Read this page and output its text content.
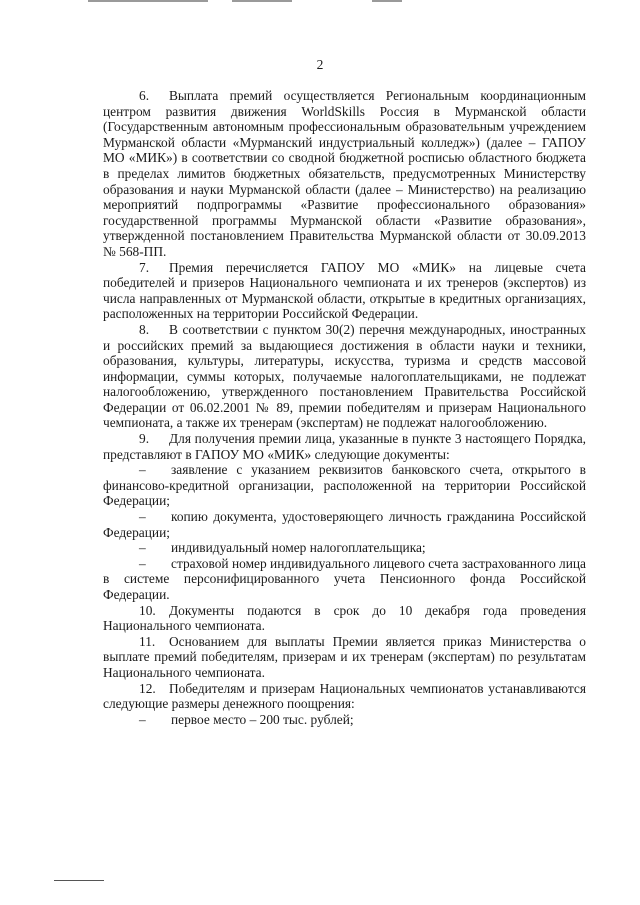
2

6. Выплата премий осуществляется Региональным координационным центром развития движения WorldSkills Россия в Мурманской области (Государственным автономным профессиональным образовательным учреждением Мурманской области «Мурманский индустриальный колледж») (далее – ГАПОУ МО «МИК») в соответствии со сводной бюджетной росписью областного бюджета в пределах лимитов бюджетных обязательств, предусмотренных Министерству образования и науки Мурманской области (далее – Министерство) на реализацию мероприятий подпрограммы «Развитие профессионального образования» государственной программы Мурманской области «Развитие образования», утвержденной постановлением Правительства Мурманской области от 30.09.2013 № 568-ПП.

7. Премия перечисляется ГАПОУ МО «МИК» на лицевые счета победителей и призеров Национального чемпионата и их тренеров (экспертов) из числа направленных от Мурманской области, открытые в кредитных организациях, расположенных на территории Российской Федерации.

8. В соответствии с пунктом 30(2) перечня международных, иностранных и российских премий за выдающиеся достижения в области науки и техники, образования, культуры, литературы, искусства, туризма и средств массовой информации, суммы которых, получаемые налогоплательщиками, не подлежат налогообложению, утвержденного постановлением Правительства Российской Федерации от 06.02.2001 № 89, премии победителям и призерам Национального чемпионата, а также их тренерам (экспертам) не подлежат налогообложению.

9. Для получения премии лица, указанные в пункте 3 настоящего Порядка, представляют в ГАПОУ МО «МИК» следующие документы:

–	заявление с указанием реквизитов банковского счета, открытого в финансово-кредитной организации, расположенной на территории Российской Федерации;

–	копию документа, удостоверяющего личность гражданина Российской Федерации;

–	индивидуальный номер налогоплательщика;

–	страховой номер индивидуального лицевого счета застрахованного лица в системе персонифицированного учета Пенсионного фонда Российской Федерации.

10. Документы подаются в срок до 10 декабря года проведения Национального чемпионата.

11. Основанием для выплаты Премии является приказ Министерства о выплате премий победителям, призерам и их тренерам (экспертам) по результатам Национального чемпионата.

12. Победителям и призерам Национальных чемпионатов устанавливаются следующие размеры денежного поощрения:

–	первое место – 200 тыс. рублей;
